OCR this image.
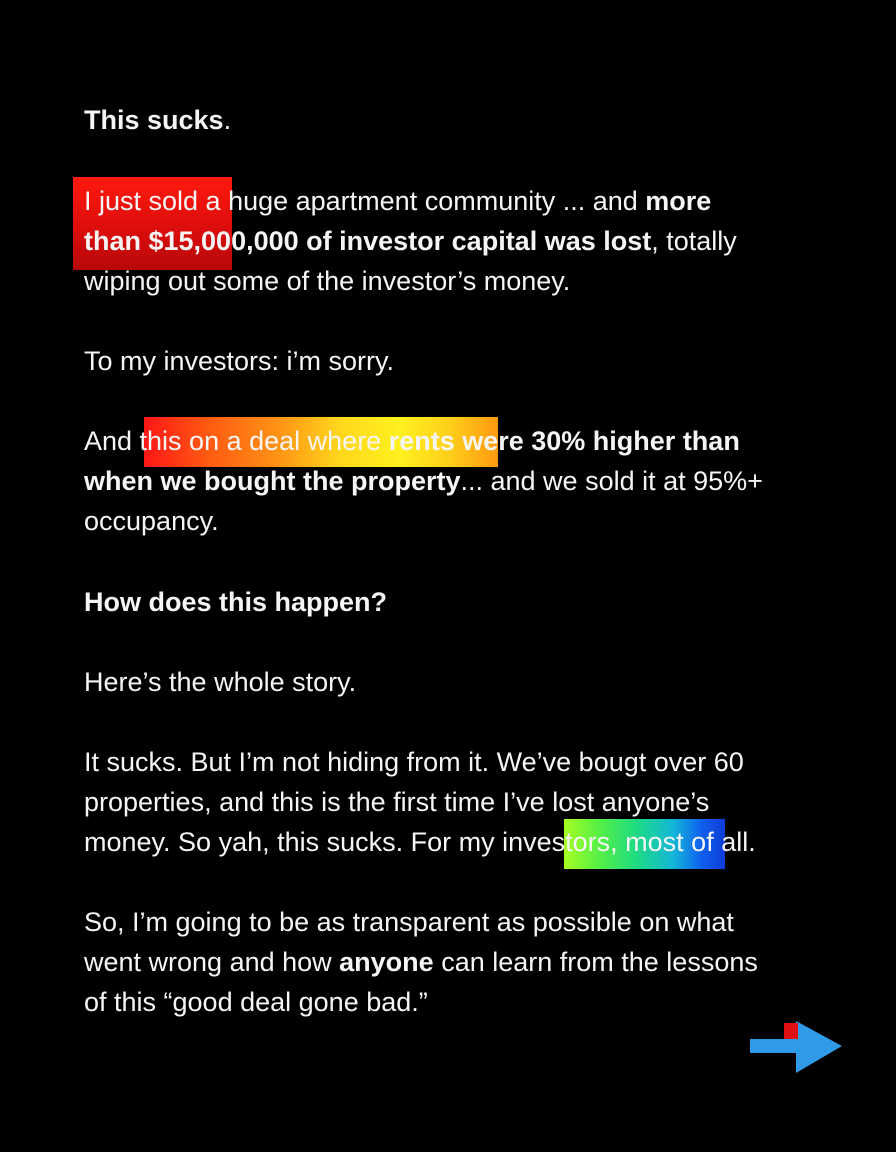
This sucks.
I just sold a huge apartment community ... and more
than $15,000,000 of investor capital was lost, totally
wiping out some of the investor’s money.
To my investors: i’m sorry.
And this on a deal where rents were 30% higher than
when we bought the property... and we sold it at 95%+
occupancy.
How does this happen?
Here’s the whole story.
It sucks. But I’m not hiding from it. We’ve bougt over 60
properties, and this is the first time I’ve lost anyone’s
money. So yah, this sucks. For my investors, most of all.
So, I’m going to be as transparent as possible on what
went wrong and how anyone can learn from the lessons
of this “good deal gone bad.”
